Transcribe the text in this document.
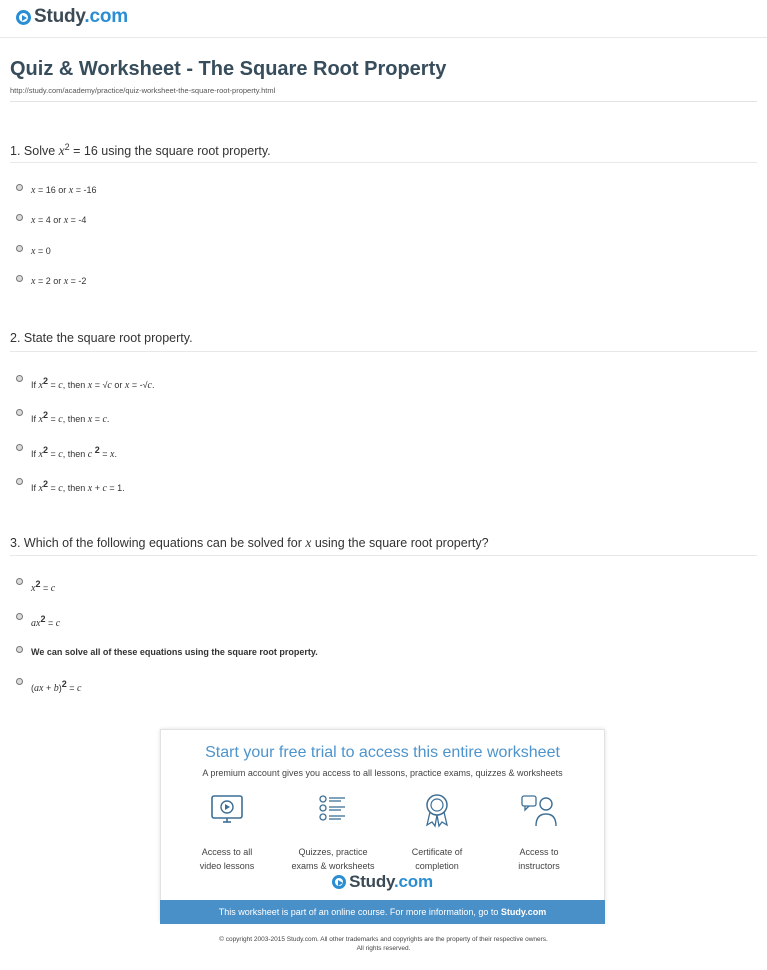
Study.com
Quiz & Worksheet - The Square Root Property
http://study.com/academy/practice/quiz-worksheet-the-square-root-property.html
1. Solve $x^2 = 16$ using the square root property.
x = 16 or x = -16
x = 4 or x = -4
x = 0
x = 2 or x = -2
2. State the square root property.
If $x^2 = c$, then x = √c or x = -√c.
If $x^2 = c$, then x = c.
If $x^2 = c$, then c $^2$ = x.
If $x^2 = c$, then x + c = 1.
3. Which of the following equations can be solved for x using the square root property?
$x^2 = c$
$ax^2 = c$
We can solve all of these equations using the square root property.
(ax + b)$^2$ = c
Start your free trial to access this entire worksheet
A premium account gives you access to all lessons, practice exams, quizzes & worksheets
Access to all
video lessons
Quizzes, practice
exams & worksheets
Certificate of
completion
Access to
instructors
Study.com
This worksheet is part of an online course. For more information, go to Study.com
© copyright 2003-2015 Study.com. All other trademarks and copyrights are the property of their respective owners.
All rights reserved.
